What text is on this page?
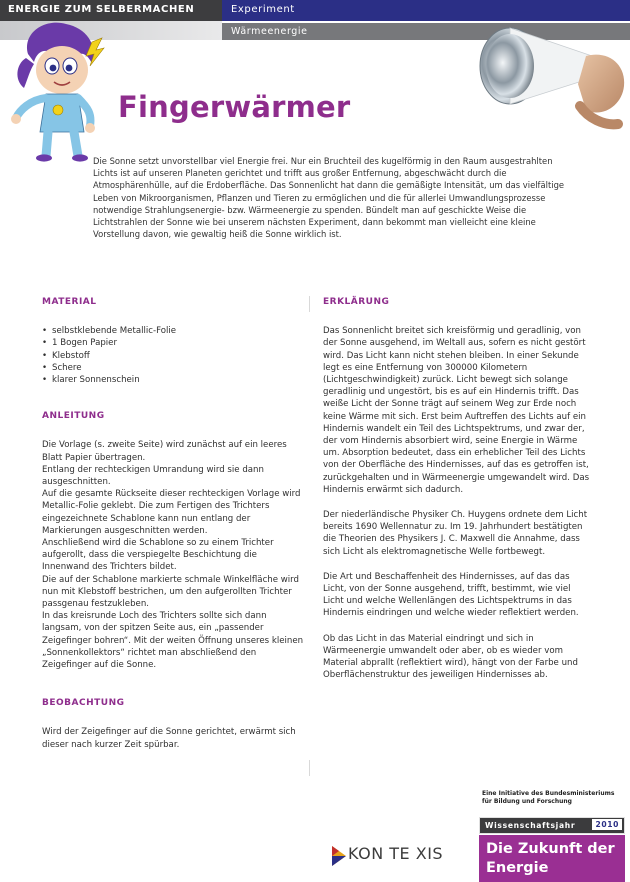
ENERGIE ZUM SELBERMACHEN	Experiment
Wärmeenergie
Fingerwärmer

Die Sonne setzt unvorstellbar viel Energie frei. Nur ein Bruchteil des kugelförmig in den Raum ausgestrahlten Lichts ist auf unseren Planeten gerichtet und trifft aus großer Entfernung, abgeschwächt durch die Atmosphärenhülle, auf die Erdoberfläche. Das Sonnenlicht hat dann die gemäßigte Intensität, um das vielfältige Leben von Mikroorganismen, Pflanzen und Tieren zu ermöglichen und die für allerlei Umwandlungsprozesse notwendige Strahlungsenergie- bzw. Wärmeenergie zu spenden. Bündelt man auf geschickte Weise die Lichtstrahlen der Sonne wie bei unserem nächsten Experiment, dann bekommt man vielleicht eine kleine Vorstellung davon, wie gewaltig heiß die Sonne wirklich ist.

MATERIAL
• selbstklebende Metallic-Folie
• 1 Bogen Papier
• Klebstoff
• Schere
• klarer Sonnenschein
ANLEITUNG
Die Vorlage (s. zweite Seite) wird zunächst auf ein leeres Blatt Papier übertragen.
Entlang der rechteckigen Umrandung wird sie dann ausgeschnitten.
Auf die gesamte Rückseite dieser rechteckigen Vorlage wird Metallic-Folie geklebt. Die zum Fertigen des Trichters eingezeichnete Schablone kann nun entlang der Markierungen ausgeschnitten werden.
Anschließend wird die Schablone so zu einem Trichter aufgerollt, dass die verspiegelte Beschichtung die Innenwand des Trichters bildet.
Die auf der Schablone markierte schmale Winkelfläche wird nun mit Klebstoff bestrichen, um den aufgerollten Trichter passgenau festzukleben.
In das kreisrunde Loch des Trichters sollte sich dann langsam, von der spitzen Seite aus, ein „passender Zeigefinger bohren“. Mit der weiten Öffnung unseres kleinen „Sonnenkollektors“ richtet man abschließend den Zeigefinger auf die Sonne.
BEOBACHTUNG

Wird der Zeigefinger auf die Sonne gerichtet, erwärmt sich dieser nach kurzer Zeit spürbar.

ERKLÄRUNG

Das Sonnenlicht breitet sich kreisförmig und geradlinig, von der Sonne ausgehend, im Weltall aus, sofern es nicht gestört wird. Das Licht kann nicht stehen bleiben. In einer Sekunde legt es eine Entfernung von 300000 Kilometern (Lichtgeschwindigkeit) zurück. Licht bewegt sich solange geradlinig und ungestört, bis es auf ein Hindernis trifft. Das weiße Licht der Sonne trägt auf seinem Weg zur Erde noch keine Wärme mit sich. Erst beim Auftreffen des Lichts auf ein Hindernis wandelt ein Teil des Lichtspektrums, und zwar der, der vom Hindernis absorbiert wird, seine Energie in Wärme um. Absorption bedeutet, dass ein erheblicher Teil des Lichts von der Oberfläche des Hindernisses, auf das es getroffen ist, zurückgehalten und in Wärmeenergie umgewandelt wird. Das Hindernis erwärmt sich dadurch.

Der niederländische Physiker Ch. Huygens ordnete dem Licht bereits 1690 Wellennatur zu. Im 19. Jahrhundert bestätigten die Theorien des Physikers J. C. Maxwell die Annahme, dass sich Licht als elektromagnetische Welle fortbewegt.

Die Art und Beschaffenheit des Hindernisses, auf das das Licht, von der Sonne ausgehend, trifft, bestimmt, wie viel Licht und welche Wellenlängen des Lichtspektrums in das Hindernis eindringen und welche wieder reflektiert werden.

Ob das Licht in das Material eindringt und sich in Wärmeenergie umwandelt oder aber, ob es wieder vom Material abprallt (reflektiert wird), hängt von der Farbe und Oberflächenstruktur des jeweiligen Hindernisses ab.

KON TE XIS
Eine Initiative des Bundesministeriums
für Bildung und Forschung
Wissenschaftsjahr	2010
Die Zukunft der
Energie
